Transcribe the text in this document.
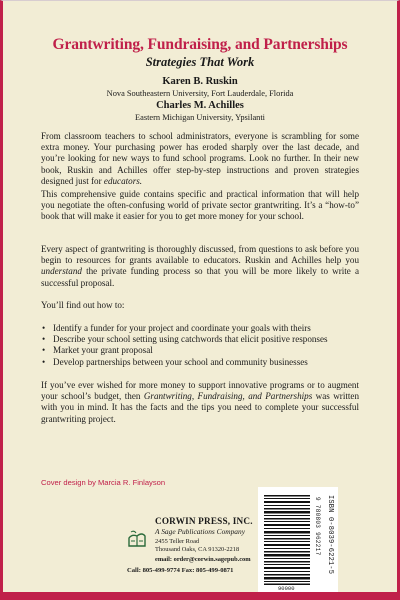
Grantwriting, Fundraising, and Partnerships
Strategies That Work
Karen B. Ruskin
Nova Southeastern University, Fort Lauderdale, Florida
Charles M. Achilles
Eastern Michigan University, Ypsilanti
From classroom teachers to school administrators, everyone is scrambling for some extra money. Your purchasing power has eroded sharply over the last decade, and you’re looking for new ways to fund school programs. Look no further. In their new book, Ruskin and Achilles offer step-by-step instructions and proven strategies designed just for educators.
This comprehensive guide contains specific and practical information that will help you negotiate the often-confusing world of private sector grantwriting. It’s a “how-to” book that will make it easier for you to get more money for your school.
Every aspect of grantwriting is thoroughly discussed, from questions to ask before you begin to resources for grants available to educators. Ruskin and Achilles help you understand the private funding process so that you will be more likely to write a successful proposal.
You’ll find out how to:
• Identify a funder for your project and coordinate your goals with theirs
• Describe your school setting using catchwords that elicit positive responses
• Market your grant proposal
• Develop partnerships between your school and community businesses
If you’ve ever wished for more money to support innovative programs or to augment your school’s budget, then Grantwriting, Fundraising, and Partnerships was written with you in mind. It has the facts and the tips you need to complete your successful grantwriting project.
Cover design by Marcia R. Finlayson
CORWIN PRESS, INC.
A Sage Publications Company
2455 Teller Road
Thousand Oaks, CA 91320-2218
email: order@corwin.sagepub.com
Call: 805-499-9774 Fax: 805-499-0871
9 780803 962217 ISBN 0-8039-6221-5
90000
